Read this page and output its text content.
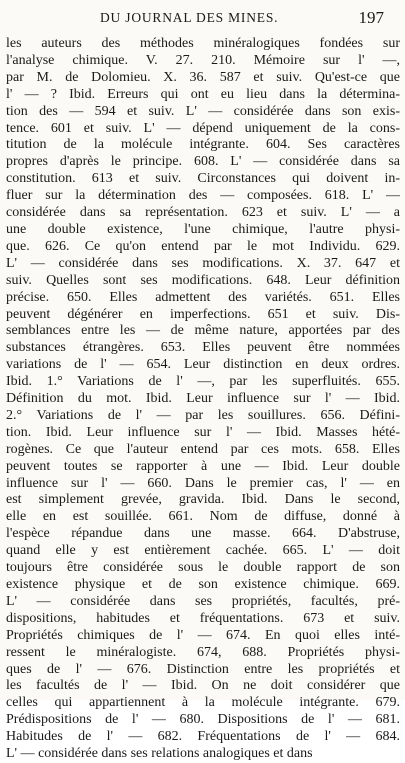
DU JOURNAL DES MINES.	197
les auteurs des méthodes minéralogiques fondées sur
l'analyse chimique. V. 27. 210. Mémoire sur l' —,
par M. de Dolomieu. X. 36. 587 et suiv. Qu'est-ce que
l' — ? Ibid. Erreurs qui ont eu lieu dans la détermina-
tion des — 594 et suiv. L' — considérée dans son exis-
tence. 601 et suiv. L' — dépend uniquement de la cons-
titution de la molécule intégrante. 604. Ses caractères
propres d'après le principe. 608. L' — considérée dans sa
constitution. 613 et suiv. Circonstances qui doivent in-
fluer sur la détermination des — composées. 618. L' —
considérée dans sa représentation. 623 et suiv. L' — a
une double existence, l'une chimique, l'autre physi-
que. 626. Ce qu'on entend par le mot Individu. 629.
L' — considérée dans ses modifications. X. 37. 647 et
suiv. Quelles sont ses modifications. 648. Leur définition
précise. 650. Elles admettent des variétés. 651. Elles
peuvent dégénérer en imperfections. 651 et suiv. Dis-
semblances entre les — de même nature, apportées par des
substances étrangères. 653. Elles peuvent être nommées
variations de l' — 654. Leur distinction en deux ordres.
Ibid. 1.° Variations de l' —, par les superfluités. 655.
Définition du mot. Ibid. Leur influence sur l' — Ibid.
2.° Variations de l' — par les souillures. 656. Défini-
tion. Ibid. Leur influence sur l' — Ibid. Masses hété-
rogènes. Ce que l'auteur entend par ces mots. 658. Elles
peuvent toutes se rapporter à une — Ibid. Leur double
influence sur l' — 660. Dans le premier cas, l' — en
est simplement grevée, gravida. Ibid. Dans le second,
elle en est souillée. 661. Nom de diffuse, donné à
l'espèce répandue dans une masse. 664. D'abstruse,
quand elle y est entièrement cachée. 665. L' — doit
toujours être considérée sous le double rapport de son
existence physique et de son existence chimique. 669.
L' — considérée dans ses propriétés, facultés, pré-
dispositions, habitudes et fréquentations. 673 et suiv.
Propriétés chimiques de l' — 674. En quoi elles inté-
ressent le minéralogiste. 674, 688. Propriétés physi-
ques de l' — 676. Distinction entre les propriétés et
les facultés de l' — Ibid. On ne doit considérer que
celles qui appartiennent à la molécule intégrante. 679.
Prédispositions de l' — 680. Dispositions de l' — 681.
Habitudes de l' — 682. Fréquentations de l' — 684.
L' — considérée dans ses relations analogiques et dans
